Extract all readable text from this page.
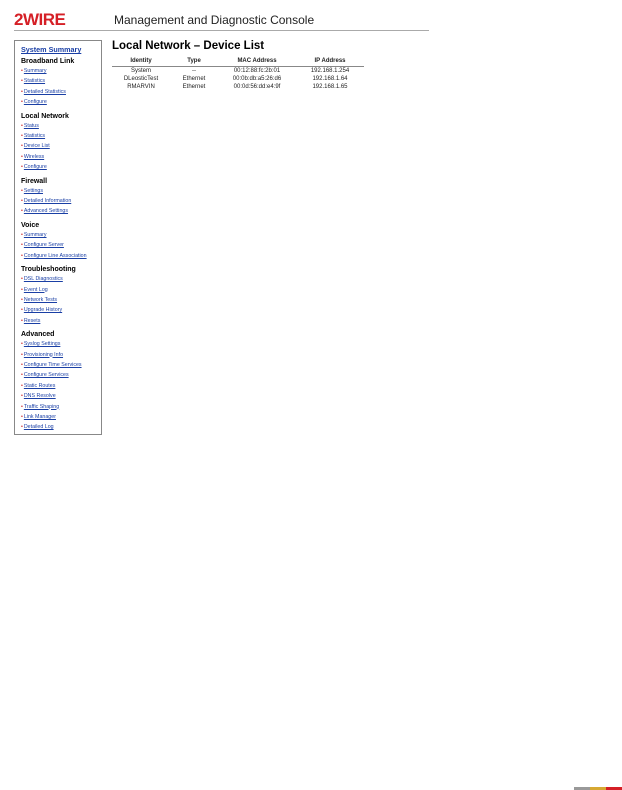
2WIRE	Management and Diagnostic Console
System Summary
Broadband Link
•Summary
•Statistics
•Detailed Statistics
•Configure
Local Network
•Status
•Statistics
•Device List
•Wireless
•Configure
Firewall
•Settings
•Detailed Information
•Advanced Settings
Voice
•Summary
•Configure Server
•Configure Line Association
Troubleshooting
•DSL Diagnostics
•Event Log
•Network Tests
•Upgrade History
•Resets
Advanced
•Syslog Settings
•Provisioning Info
•Configure Time Services
•Configure Services
•Static Routes
•DNS Resolve
•Traffic Shaping
•Link Manager
•Detailed Log
Local Network – Device List
Identity	Type	MAC Address	IP Address
System	--	00:12:88:fc:2b:01	192.168.1.254
DLeosticTest	Ethernet	00:0b:db:a5:26:d6	192.168.1.64
RMARVIN	Ethernet	00:0d:56:dd:e4:9f	192.168.1.65
